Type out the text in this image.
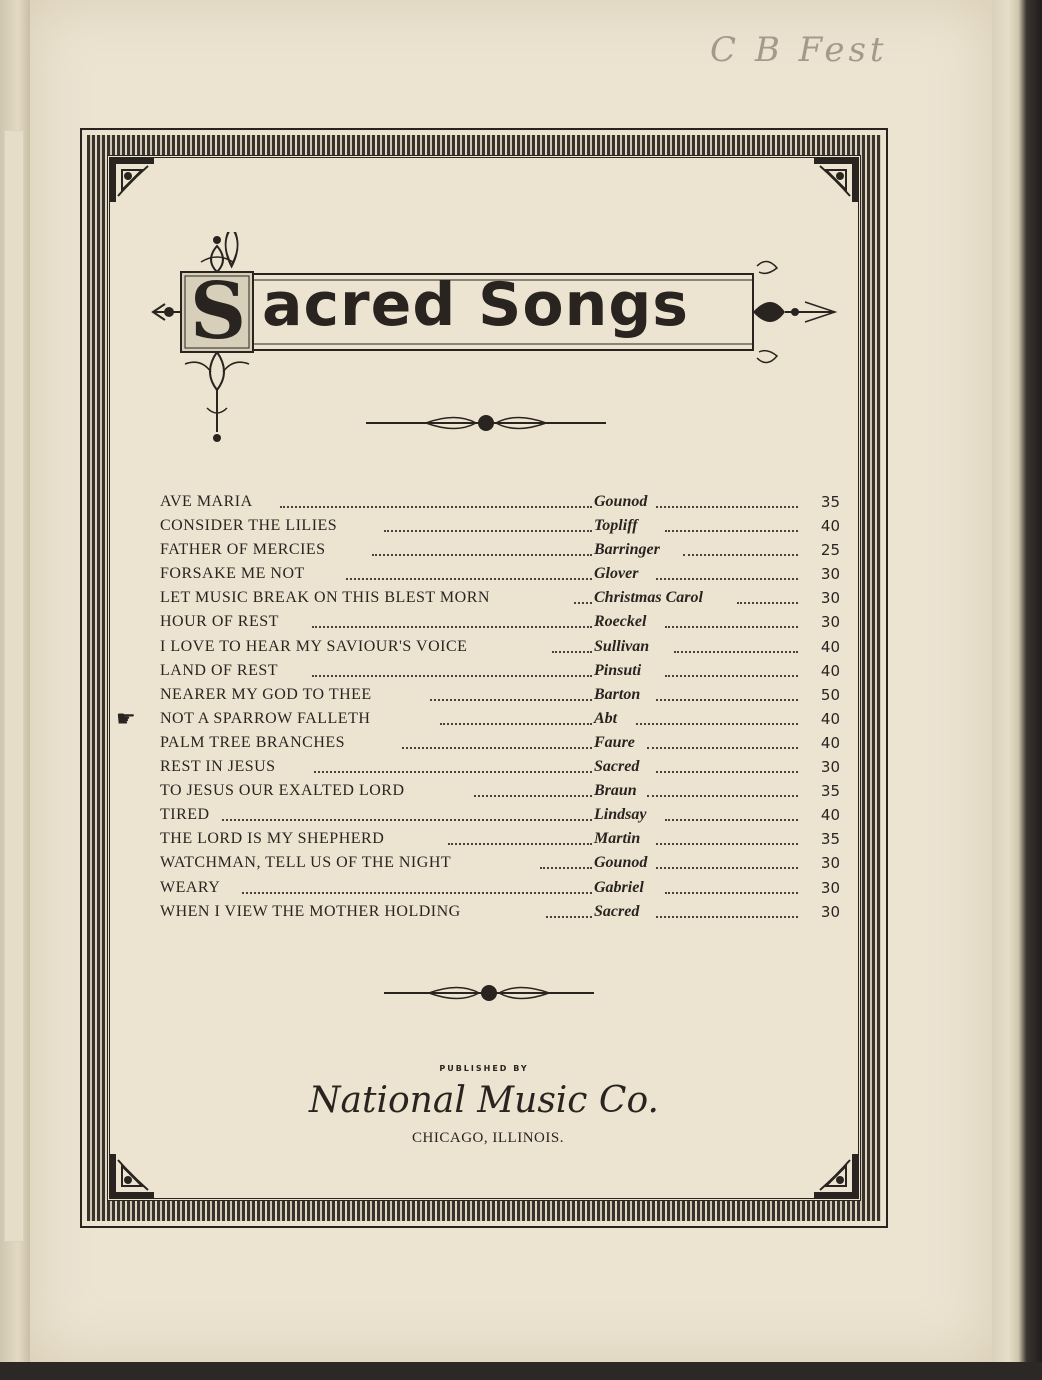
C B Fest
S acred Songs
AVE MARIA	Gounod	35
CONSIDER THE LILIES	Topliff	40
FATHER OF MERCIES	Barringer	25
FORSAKE ME NOT	Glover	30
LET MUSIC BREAK ON THIS BLEST MORN	Christmas Carol	30
HOUR OF REST	Roeckel	30
I LOVE TO HEAR MY SAVIOUR'S VOICE	Sullivan	40
LAND OF REST	Pinsuti	40
NEARER MY GOD TO THEE	Barton	50
NOT A SPARROW FALLETH	Abt	40
☛
PALM TREE BRANCHES	Faure	40
REST IN JESUS	Sacred	30
TO JESUS OUR EXALTED LORD	Braun	35
TIRED	Lindsay	40
THE LORD IS MY SHEPHERD	Martin	35
WATCHMAN, TELL US OF THE NIGHT	Gounod	30
WEARY	Gabriel	30
WHEN I VIEW THE MOTHER HOLDING	Sacred	30
PUBLISHED BY
National Music Co.
CHICAGO, ILLINOIS.
